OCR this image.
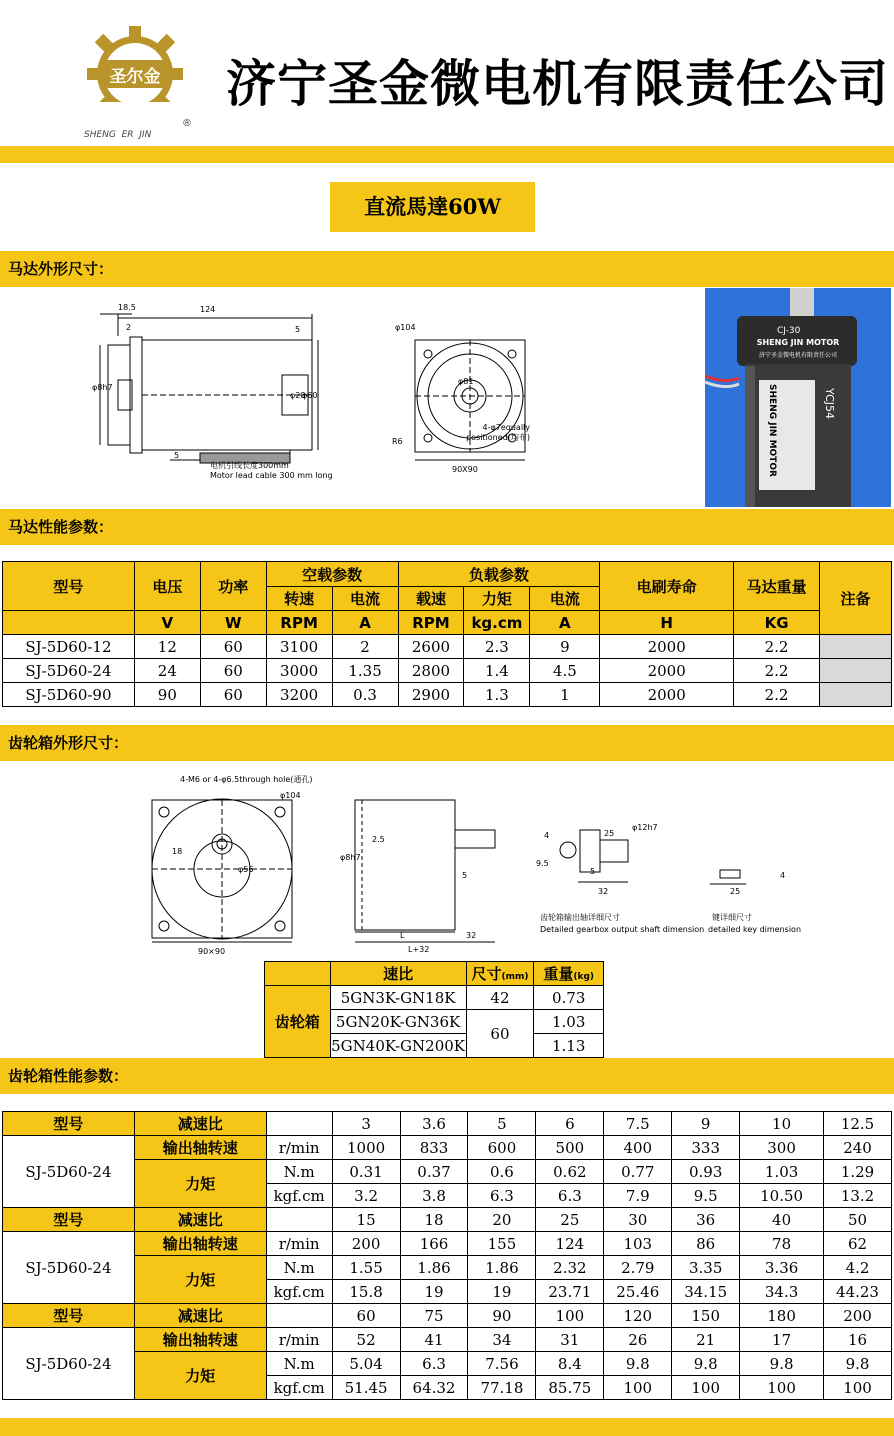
圣尔金
SHENG  ER  JIN
®
济宁圣金微电机有限责任公司
直流馬達60W
马达外形尺寸：
124
18.5
2	5
φ8h7
φ28
φ60
5
电机引线长度300mm
Motor lead cable 300 mm long
φ104
φ81
R6
4-φ7equally
positioned(均布)
90X90
CJ-30
SHENG JIN MOTOR
济宁圣金微电机有限责任公司
SHENG JIN MOTOR	YCJ54
马达性能参数：
型号	电压	功率	空载参数		负载参数			电刷寿命	马达重量	注备
			转速	电流	载速	力矩	电流			
	V	W	RPM	A	RPM	kg.cm	A	H	KG	
SJ-5D60-12	12	60	3100	2	2600	2.3	9	2000	2.2	
SJ-5D60-24	24	60	3000	1.35	2800	1.4	4.5	2000	2.2	
SJ-5D60-90	90	60	3200	0.3	2900	1.3	1	2000	2.2	
齿轮箱外形尺寸：
4-M6 or 4-φ6.5through hole(通孔)
φ104
18
φ56
90×90
φ8h7
2.5
5
L	32
L+32
4
9.5
25
5
φ12h7
32
齿轮箱输出轴详细尺寸
Detailed gearbox output shaft dimension
4
25
键详细尺寸
detailed key dimension
	速比	尺寸(mm)	重量(kg)
齿轮箱	5GN3K-GN18K	42	0.73
	5GN20K-GN36K	60	1.03
	5GN40K-GN200K		1.13
齿轮箱性能参数：
型号	减速比		3	3.6	5	6	7.5	9	10	12.5
SJ-5D60-24	输出轴转速	r/min	1000	833	600	500	400	333	300	240
	力矩	N.m	0.31	0.37	0.6	0.62	0.77	0.93	1.03	1.29
		kgf.cm	3.2	3.8	6.3	6.3	7.9	9.5	10.50	13.2
型号	减速比		15	18	20	25	30	36	40	50
SJ-5D60-24	输出轴转速	r/min	200	166	155	124	103	86	78	62
	力矩	N.m	1.55	1.86	1.86	2.32	2.79	3.35	3.36	4.2
		kgf.cm	15.8	19	19	23.71	25.46	34.15	34.3	44.23
型号	减速比		60	75	90	100	120	150	180	200
SJ-5D60-24	输出轴转速	r/min	52	41	34	31	26	21	17	16
	力矩	N.m	5.04	6.3	7.56	8.4	9.8	9.8	9.8	9.8
		kgf.cm	51.45	64.32	77.18	85.75	100	100	100	100
